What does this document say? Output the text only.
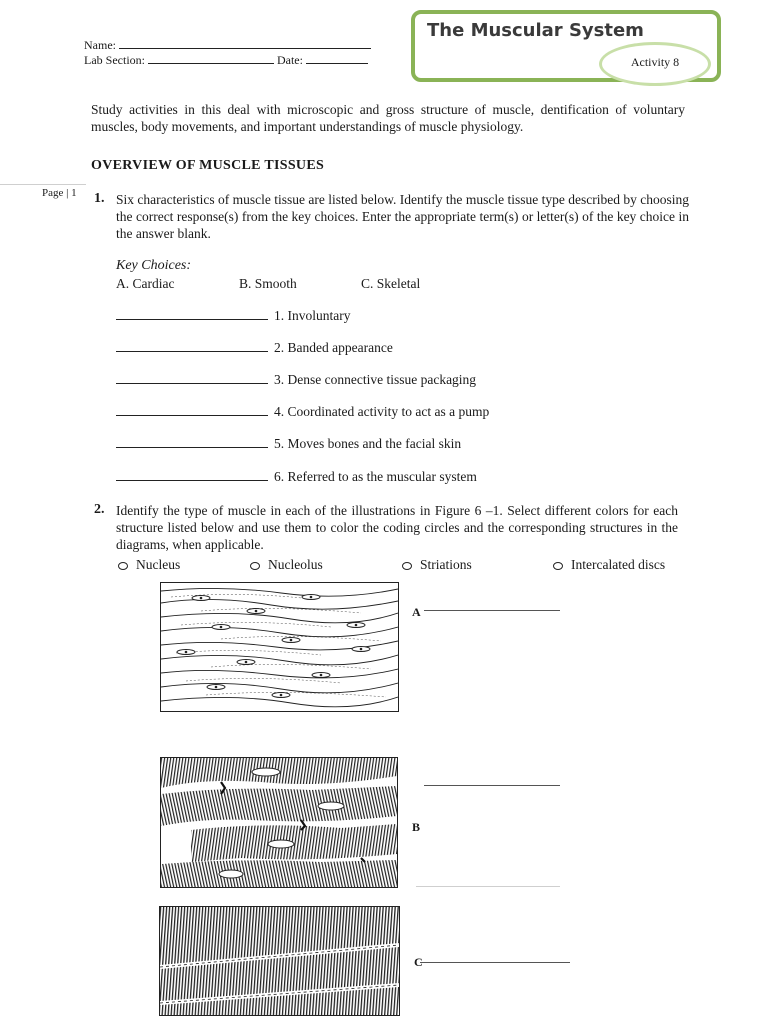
The Muscular System
Activity 8
Name:
Lab Section:	Date:

Study activities in this deal with microscopic and gross structure of muscle, dentification of voluntary muscles, body movements, and important understandings of muscle physiology.

OVERVIEW OF MUSCLE TISSUES
Page | 1 1. Six characteristics of muscle tissue are listed below. Identify the muscle tissue type described by choosing the correct response(s) from the key choices. Enter the appropriate term(s) or letter(s) of the key choice in the answer blank.

Key Choices:
A. Cardiac	B. Smooth	C. Skeletal
1. Involuntary
2. Banded appearance
3. Dense connective tissue packaging
4. Coordinated activity to act as a pump
5. Moves bones and the facial skin
6. Referred to as the muscular system
2. Identify the type of muscle in each of the illustrations in Figure 6 –1. Select different colors for each structure listed below and use them to color the coding circles and the corresponding structures in the diagrams, when applicable.

Nucleus	Nucleolus	Striations	Intercalated discs
A
B
C
